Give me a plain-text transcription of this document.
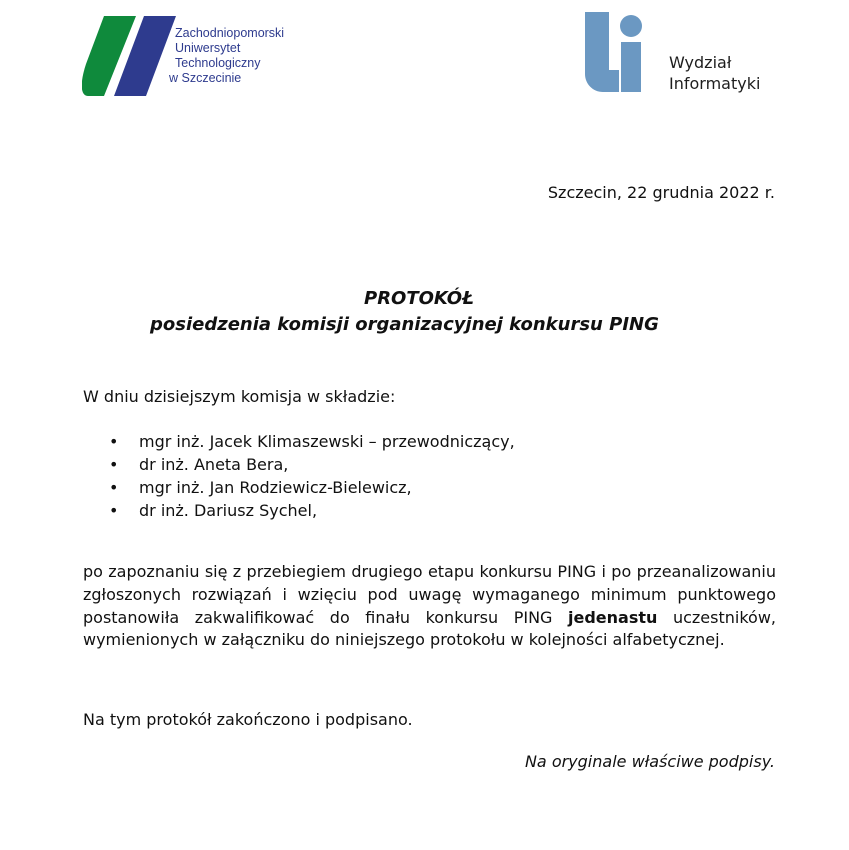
Zachodniopomorski
Uniwersytet
Technologiczny
w Szczecinie
Wydział
Informatyki
Szczecin, 22 grudnia 2022 r.
PROTOKÓŁ
posiedzenia komisji organizacyjnej konkursu PING
W dniu dzisiejszym komisja w składzie:
• mgr inż. Jacek Klimaszewski – przewodniczący,
• dr inż. Aneta Bera,
• mgr inż. Jan Rodziewicz-Bielewicz,
• dr inż. Dariusz Sychel,
po zapoznaniu się z przebiegiem drugiego etapu konkursu PING i po przeanalizowaniu zgłoszonych rozwiązań i wzięciu pod uwagę wymaganego minimum punktowego postanowiła zakwalifikować do finału konkursu PING jedenastu uczestników, wymienionych w załączniku do niniejszego protokołu w kolejności alfabetycznej.
Na tym protokół zakończono i podpisano.
Na oryginale właściwe podpisy.
